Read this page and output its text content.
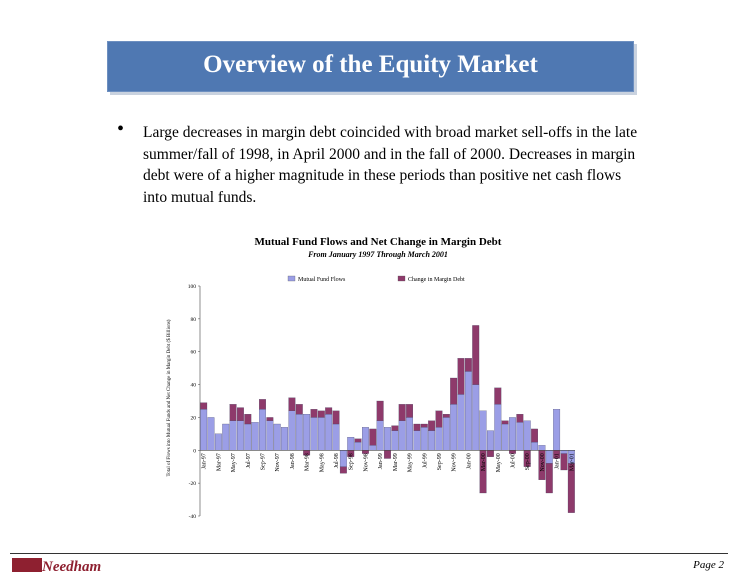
Overview of the Equity Market
• Large decreases in margin debt coincided with broad market sell-offs in the late summer/fall of 1998, in April 2000 and in the fall of 2000. Decreases in margin debt were of a higher magnitude in these periods than positive net cash flows into mutual funds.
Mutual Fund Flows and Net Change in Margin Debt
From January 1997 Through March 2001
Mutual Fund Flows	Change in Margin Debt
Total of Flows into Mutual Funds and Net Change in Margin Debt ($ Billions)
-40
-20
0
20
40
60
80
100
Jan-97 Mar-97 May-97 Jul-97 Sep-97 Nov-97 Jan-98 Mar-98 May-98 Jul-98 Sep-98 Nov-98 Jan-99 Mar-99 May-99 Jul-99 Sep-99 Nov-99 Jan-00 Mar-00 May-00 Jul-00 Sep-00 Nov-00 Jan-01 Mar-01
Needham	Page 2
